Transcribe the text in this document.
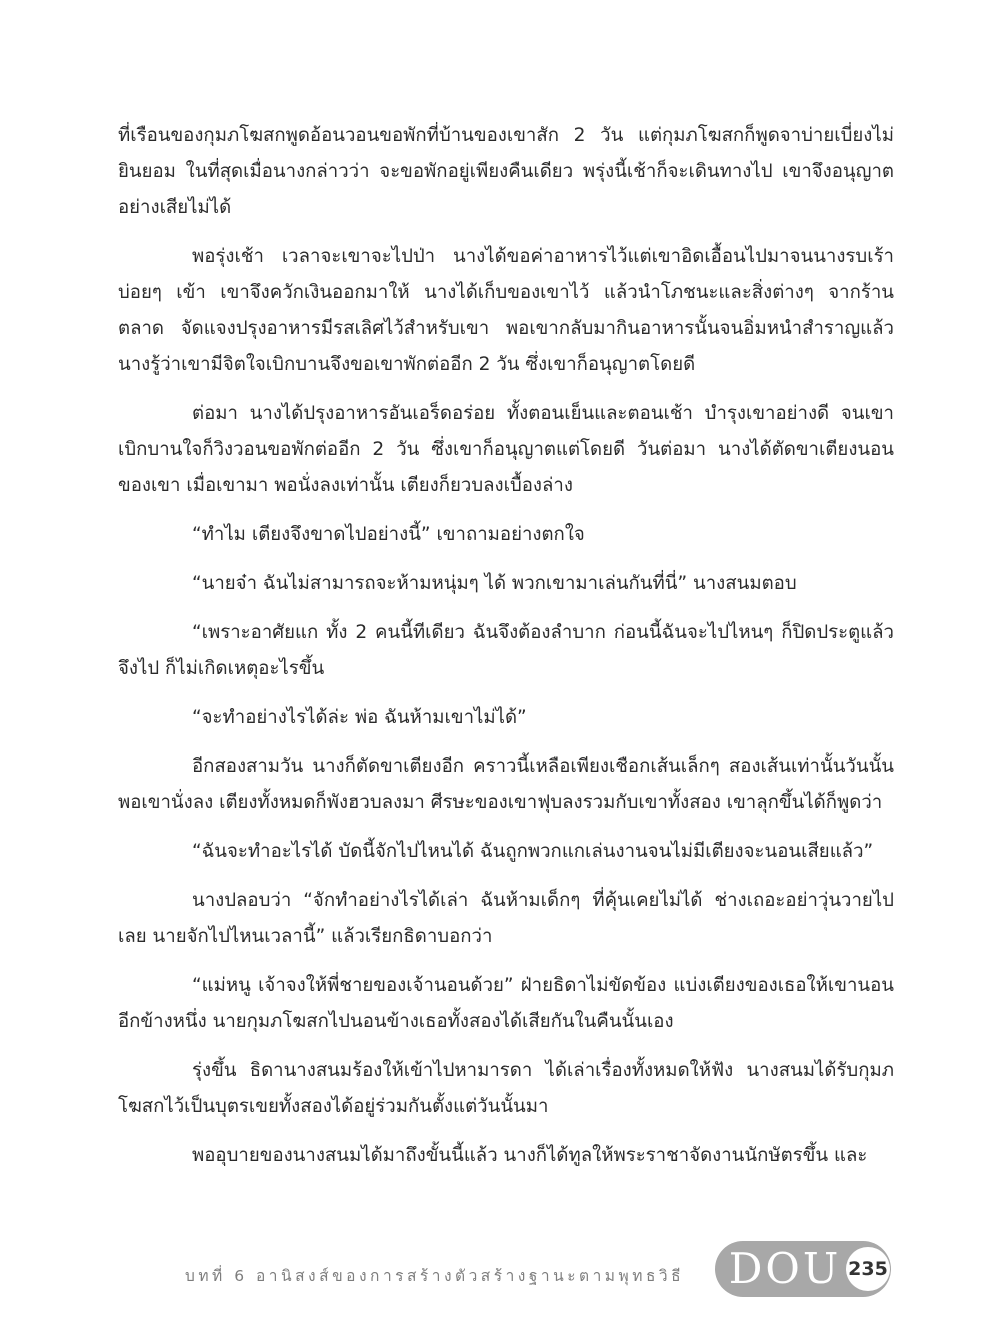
ที่เรือนของกุมภโฆสกพูดอ้อนวอนขอพักที่บ้านของเขาสัก 2 วัน แต่กุมภโฆสกก็พูดจาบ่ายเบี่ยงไม่ยินยอม ในที่สุดเมื่อนางกล่าวว่า จะขอพักอยู่เพียงคืนเดียว พรุ่งนี้เช้าก็จะเดินทางไป เขาจึงอนุญาตอย่างเสียไม่ได้

พอรุ่งเช้า เวลาจะเขาจะไปป่า นางได้ขอค่าอาหารไว้แต่เขาอิดเอื้อนไปมาจนนางรบเร้าบ่อยๆ เข้า เขาจึงควักเงินออกมาให้ นางได้เก็บของเขาไว้ แล้วนำโภชนะและสิ่งต่างๆ จากร้านตลาด จัดแจงปรุงอาหารมีรสเลิศไว้สำหรับเขา พอเขากลับมากินอาหารนั้นจนอิ่มหนำสำราญแล้วนางรู้ว่าเขามีจิตใจเบิกบานจึงขอเขาพักต่ออีก 2 วัน ซึ่งเขาก็อนุญาตโดยดี

ต่อมา นางได้ปรุงอาหารอันเอร็ดอร่อย ทั้งตอนเย็นและตอนเช้า บำรุงเขาอย่างดี จนเขาเบิกบานใจก็วิงวอนขอพักต่ออีก 2 วัน ซึ่งเขาก็อนุญาตแต่โดยดี วันต่อมา นางได้ตัดขาเตียงนอนของเขา เมื่อเขามา พอนั่งลงเท่านั้น เตียงก็ยวบลงเบื้องล่าง

“ทำไม เตียงจึงขาดไปอย่างนี้” เขาถามอย่างตกใจ

“นายจ๋า ฉันไม่สามารถจะห้ามหนุ่มๆ ได้ พวกเขามาเล่นกันที่นี่” นางสนมตอบ

“เพราะอาศัยแก ทั้ง 2 คนนี้ทีเดียว ฉันจึงต้องลำบาก ก่อนนี้ฉันจะไปไหนๆ ก็ปิดประตูแล้วจึงไป ก็ไม่เกิดเหตุอะไรขึ้น

“จะทำอย่างไรได้ล่ะ พ่อ ฉันห้ามเขาไม่ได้”

อีกสองสามวัน นางก็ตัดขาเตียงอีก คราวนี้เหลือเพียงเชือกเส้นเล็กๆ สองเส้นเท่านั้นวันนั้นพอเขานั่งลง เตียงทั้งหมดก็พังฮวบลงมา ศีรษะของเขาฟุบลงรวมกับเขาทั้งสอง เขาลุกขึ้นได้ก็พูดว่า

“ฉันจะทำอะไรได้ บัดนี้จักไปไหนได้ ฉันถูกพวกแกเล่นงานจนไม่มีเตียงจะนอนเสียแล้ว”

นางปลอบว่า “จักทำอย่างไรได้เล่า ฉันห้ามเด็กๆ ที่คุ้นเคยไม่ได้ ช่างเถอะอย่าวุ่นวายไปเลย นายจักไปไหนเวลานี้” แล้วเรียกธิดาบอกว่า

“แม่หนู เจ้าจงให้พี่ชายของเจ้านอนด้วย” ฝ่ายธิดาไม่ขัดข้อง แบ่งเตียงของเธอให้เขานอนอีกข้างหนึ่ง นายกุมภโฆสกไปนอนข้างเธอทั้งสองได้เสียกันในคืนนั้นเอง

รุ่งขึ้น ธิดานางสนมร้องให้เข้าไปหามารดา ได้เล่าเรื่องทั้งหมดให้ฟัง นางสนมได้รับกุมภโฆสกไว้เป็นบุตรเขยทั้งสองได้อยู่ร่วมกันตั้งแต่วันนั้นมา

พออุบายของนางสนมได้มาถึงขั้นนี้แล้ว นางก็ได้ทูลให้พระราชาจัดงานนักษัตรขึ้น และ

บทที่ 6 อานิสงส์ของการสร้างตัวสร้างฐานะตามพุทธวิธี	DOU 235
